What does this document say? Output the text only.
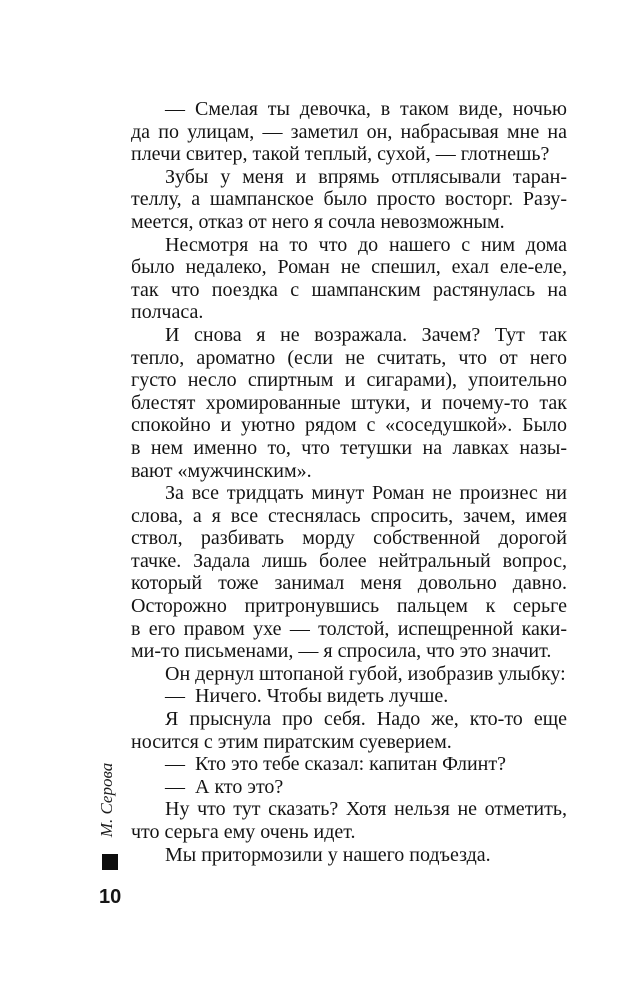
М. Серова
10
— Смелая ты девочка, в таком виде, ночью
да по улицам, — заметил он, набрасывая мне на
плечи свитер, такой теплый, сухой, — глотнешь?
Зубы у меня и впрямь отплясывали таран-
теллу, а шампанское было просто восторг. Разу-
меется, отказ от него я сочла невозможным.
Несмотря на то что до нашего с ним дома
было недалеко, Роман не спешил, ехал еле-еле,
так что поездка с шампанским растянулась на
полчаса.
И снова я не возражала. Зачем? Тут так
тепло, ароматно (если не считать, что от него
густо несло спиртным и сигарами), упоительно
блестят хромированные штуки, и почему-то так
спокойно и уютно рядом с «соседушкой». Было
в нем именно то, что тетушки на лавках назы-
вают «мужчинским».
За все тридцать минут Роман не произнес ни
слова, а я все стеснялась спросить, зачем, имея
ствол, разбивать морду собственной дорогой
тачке. Задала лишь более нейтральный вопрос,
который тоже занимал меня довольно давно.
Осторожно притронувшись пальцем к серьге
в его правом ухе — толстой, испещренной каки-
ми-то письменами, — я спросила, что это значит.
Он дернул штопаной губой, изобразив улыбку:
— Ничего. Чтобы видеть лучше.
Я прыснула про себя. Надо же, кто-то еще
носится с этим пиратским суеверием.
— Кто это тебе сказал: капитан Флинт?
— А кто это?
Ну что тут сказать? Хотя нельзя не отметить,
что серьга ему очень идет.
Мы притормозили у нашего подъезда.
